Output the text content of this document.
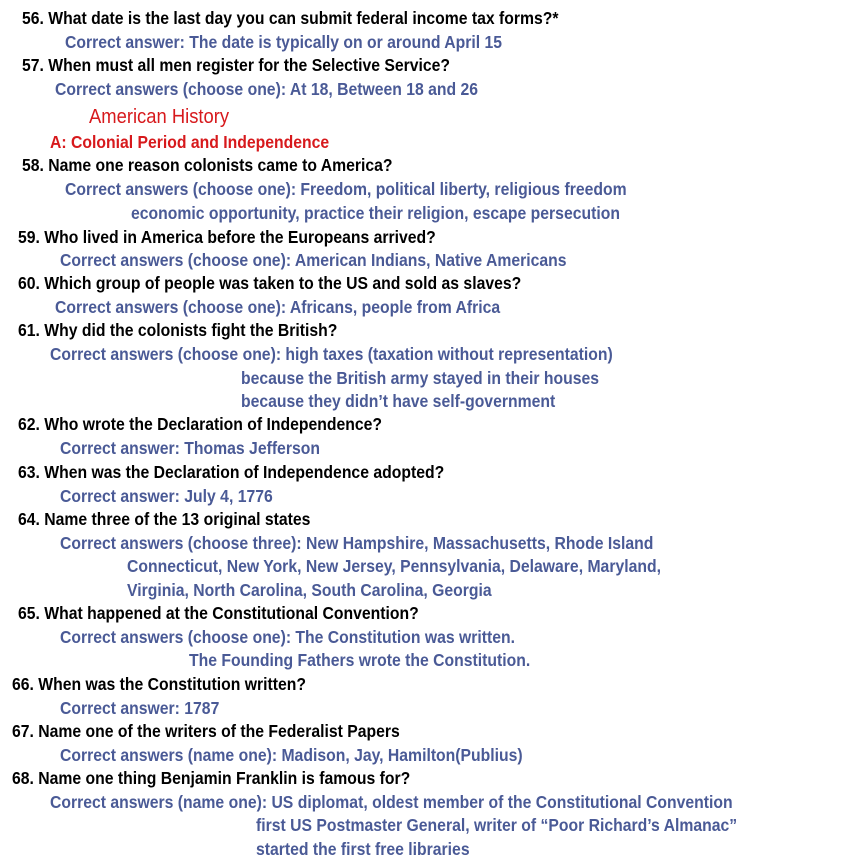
56. What date is the last day you can submit federal income tax forms?*
Correct answer: The date is typically on or around April 15
57. When must all men register for the Selective Service?
Correct answers (choose one): At 18, Between 18 and 26
American History
A: Colonial Period and Independence
58. Name one reason colonists came to America?
Correct answers (choose one): Freedom, political liberty, religious freedom
economic opportunity, practice their religion, escape persecution
59. Who lived in America before the Europeans arrived?
Correct answers (choose one): American Indians, Native Americans
60. Which group of people was taken to the US and sold as slaves?
Correct answers (choose one): Africans, people from Africa
61. Why did the colonists fight the British?
Correct answers (choose one): high taxes (taxation without representation)
because the British army stayed in their houses
because they didn’t have self-government
62. Who wrote the Declaration of Independence?
Correct answer: Thomas Jefferson
63. When was the Declaration of Independence adopted?
Correct answer: July 4, 1776
64. Name three of the 13 original states
Correct answers (choose three): New Hampshire, Massachusetts, Rhode Island
Connecticut, New York, New Jersey, Pennsylvania, Delaware, Maryland,
Virginia, North Carolina, South Carolina, Georgia
65. What happened at the Constitutional Convention?
Correct answers (choose one): The Constitution was written.
The Founding Fathers wrote the Constitution.
66. When was the Constitution written?
Correct answer: 1787
67. Name one of the writers of the Federalist Papers
Correct answers (name one): Madison, Jay, Hamilton(Publius)
68. Name one thing Benjamin Franklin is famous for?
Correct answers (name one): US diplomat, oldest member of the Constitutional Convention
first US Postmaster General, writer of “Poor Richard’s Almanac”
started the first free libraries
